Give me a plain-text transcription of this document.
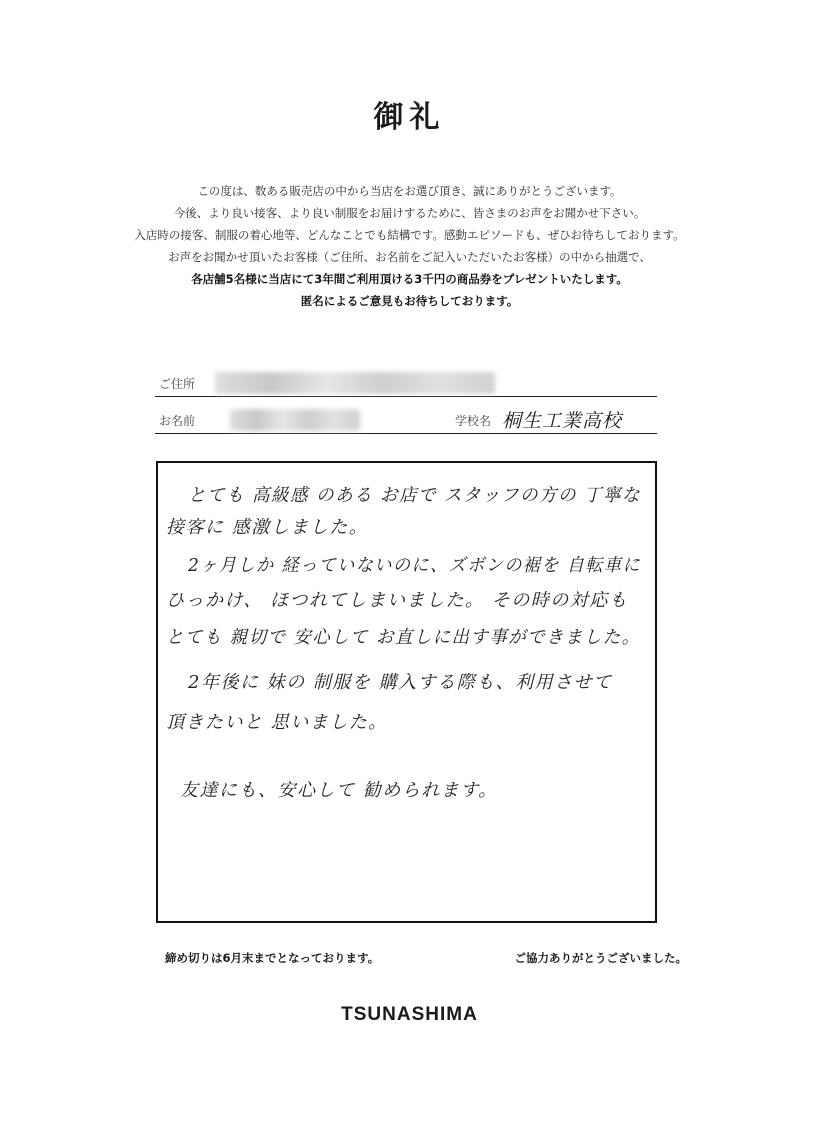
御礼
この度は、数ある販売店の中から当店をお選び頂き、誠にありがとうございます。
今後、より良い接客、より良い制服をお届けするために、皆さまのお声をお聞かせ下さい。
入店時の接客、制服の着心地等、どんなことでも結構です。感動エピソードも、ぜひお待ちしております。
お声をお聞かせ頂いたお客様（ご住所、お名前をご記入いただいたお客様）の中から抽選で、
各店舗5名様に当店にて3年間ご利用頂ける3千円の商品券をプレゼントいたします。
匿名によるご意見もお待ちしております。
ご住所
お名前	学校名 桐生工業高校
とても 高級感 のある お店で スタッフの方の 丁寧な
接客に 感激しました。
2ヶ月しか 経っていないのに、ズボンの裾を 自転車に
ひっかけ、 ほつれてしまいました。 その時の対応も
とても 親切で 安心して お直しに出す事ができました。
2年後に 妹の 制服を 購入する際も、利用させて
頂きたいと 思いました。
友達にも、安心して 勧められます。
締め切りは6月末までとなっております。	ご協力ありがとうございました。
TSUNASHIMA
